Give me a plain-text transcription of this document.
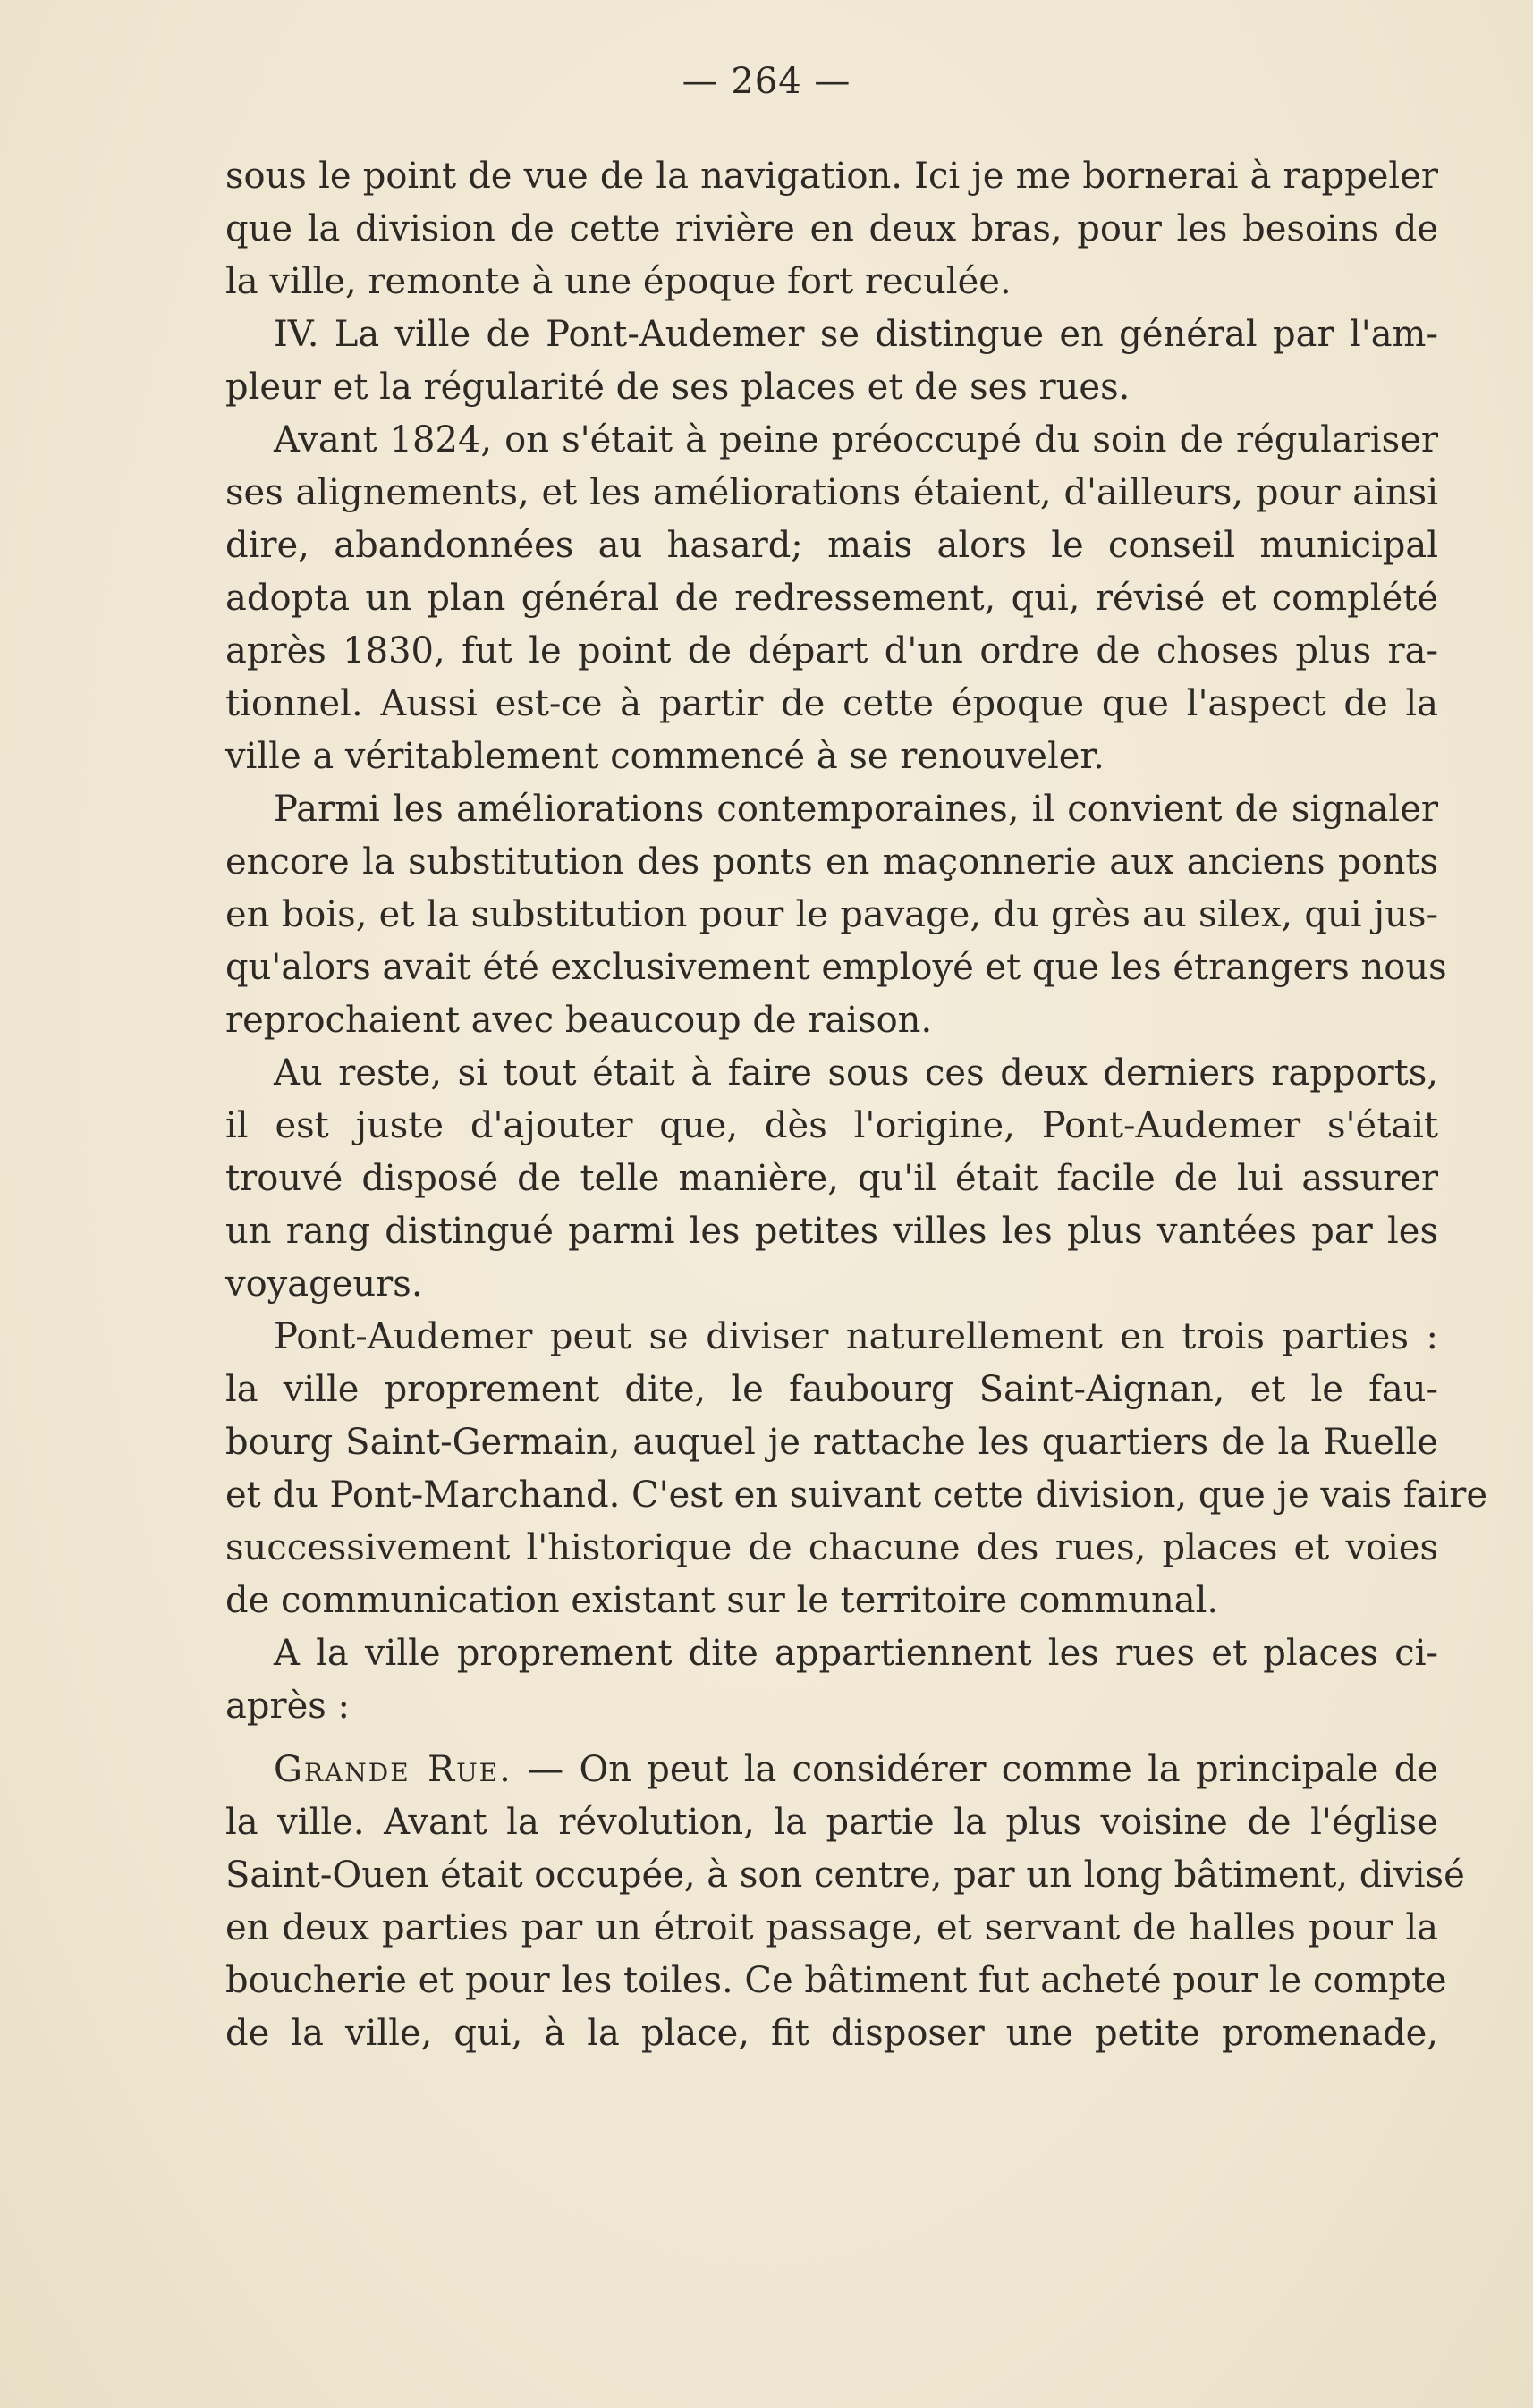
— 264 —
sous le point de vue de la navigation. Ici je me bornerai à rappeler
que la division de cette rivière en deux bras, pour les besoins de
la ville, remonte à une époque fort reculée.
IV. La ville de Pont-Audemer se distingue en général par l'am-
pleur et la régularité de ses places et de ses rues.
Avant 1824, on s'était à peine préoccupé du soin de régulariser
ses alignements, et les améliorations étaient, d'ailleurs, pour ainsi
dire, abandonnées au hasard; mais alors le conseil municipal
adopta un plan général de redressement, qui, révisé et complété
après 1830, fut le point de départ d'un ordre de choses plus ra-
tionnel. Aussi est-ce à partir de cette époque que l'aspect de la
ville a véritablement commencé à se renouveler.
Parmi les améliorations contemporaines, il convient de signaler
encore la substitution des ponts en maçonnerie aux anciens ponts
en bois, et la substitution pour le pavage, du grès au silex, qui jus-
qu'alors avait été exclusivement employé et que les étrangers nous
reprochaient avec beaucoup de raison.
Au reste, si tout était à faire sous ces deux derniers rapports,
il est juste d'ajouter que, dès l'origine, Pont-Audemer s'était
trouvé disposé de telle manière, qu'il était facile de lui assurer
un rang distingué parmi les petites villes les plus vantées par les
voyageurs.
Pont-Audemer peut se diviser naturellement en trois parties :
la ville proprement dite, le faubourg Saint-Aignan, et le fau-
bourg Saint-Germain, auquel je rattache les quartiers de la Ruelle
et du Pont-Marchand. C'est en suivant cette division, que je vais faire
successivement l'historique de chacune des rues, places et voies
de communication existant sur le territoire communal.
A la ville proprement dite appartiennent les rues et places ci-
après :
Grande Rue. — On peut la considérer comme la principale de
la ville. Avant la révolution, la partie la plus voisine de l'église
Saint-Ouen était occupée, à son centre, par un long bâtiment, divisé
en deux parties par un étroit passage, et servant de halles pour la
boucherie et pour les toiles. Ce bâtiment fut acheté pour le compte
de la ville, qui, à la place, fit disposer une petite promenade,
